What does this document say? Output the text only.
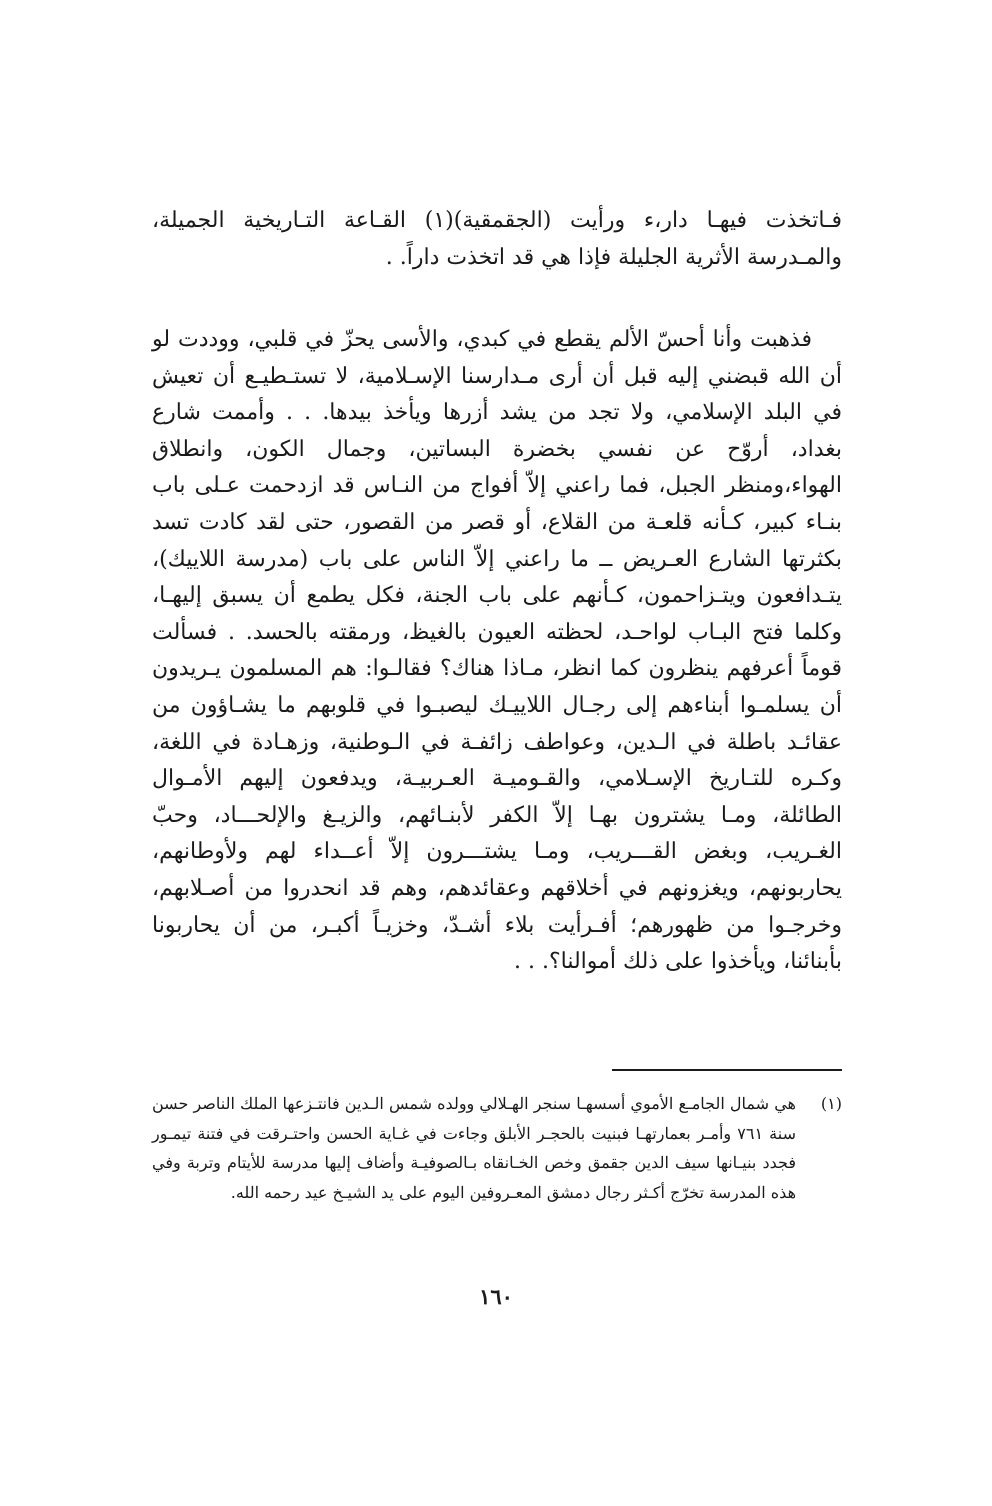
فـاتخذت فيهـا دار،ء ورأيت (الجقمقية)(١) القـاعة التـاريخية الجميلة، والمـدرسة الأثرية الجليلة فإذا هي قد اتخذت داراً. .

فذهبت وأنا أحسّ الألم يقطع في كبدي، والأسى يحزّ في قلبي، ووددت لو أن الله قبضني إليه قبل أن أرى مـدارسنا الإسـلامية، لا تستـطيـع أن تعيش في البلد الإسلامي، ولا تجد من يشد أزرها ويأخذ بيدها. . . وأممت شارع بغداد، أروّح عن نفسي بخضرة البساتين، وجمال الكون، وانطلاق الهواء،ومنظر الجبل، فما راعني إلاّ أفواج من النـاس قد ازدحمت عـلى باب بنـاء كبير، كـأنه قلعـة من القلاع، أو قصر من القصور، حتى لقد كادت تسد بكثرتها الشارع العـريض ــ ما راعني إلاّ الناس على باب (مدرسة اللاييك)، يتـدافعون ويتـزاحمون، كـأنهم على باب الجنة، فكل يطمع أن يسبق إليهـا، وكلما فتح البـاب لواحـد، لحظته العيون بالغيظ، ورمقته بالحسد. . فسألت قوماً أعرفهم ينظرون كما انظر، مـاذا هناك؟ فقالـوا: هم المسلمون يـريدون أن يسلمـوا أبناءهم إلى رجـال اللاييـك ليصبـوا في قلوبهم ما يشـاؤون من عقائـد باطلة في الـدين، وعواطف زائفـة في الـوطنية، وزهـادة في اللغة، وكـره للتـاريخ الإسـلامي، والقـوميـة العـربيـة، ويدفعون إليهم الأمـوال الطائلة، ومـا يشترون بهـا إلاّ الكفر لأبنـائهم، والزيـغ والإلحـــاد، وحبّ الغـريب، وبغض القـــريب، ومـا يشتـــرون إلاّ أعــداء لهم ولأوطانهم، يحاربونهم، ويغزونهم في أخلاقهم وعقائدهم، وهم قد انحدروا من أصـلابهم، وخرجـوا من ظهورهم؛ أفـرأيت بلاء أشـدّ، وخزيـاً أكبـر، من أن يحاربونا بأبنائنا، ويأخذوا على ذلك أموالنا؟. . .

(١)
هي شمال الجامـع الأموي أسسهـا سنجر الهـلالي وولده شمس الـدين فانتـزعها الملك الناصر حسن سنة ٧٦١ وأمـر بعمارتهـا فبنيت بالحجـر الأبلق وجاءت في غـاية الحسن واحتـرقت في فتنة تيمـور فجدد بنيـانها سيف الدين جقمق وخص الخـانقاه بـالصوفيـة وأضاف إليها مدرسة للأيتام وتربة وفي هذه المدرسة تخرّج أكـثر رجال دمشق المعـروفين اليوم على يد الشيـخ عيد رحمه الله.
١٦٠
